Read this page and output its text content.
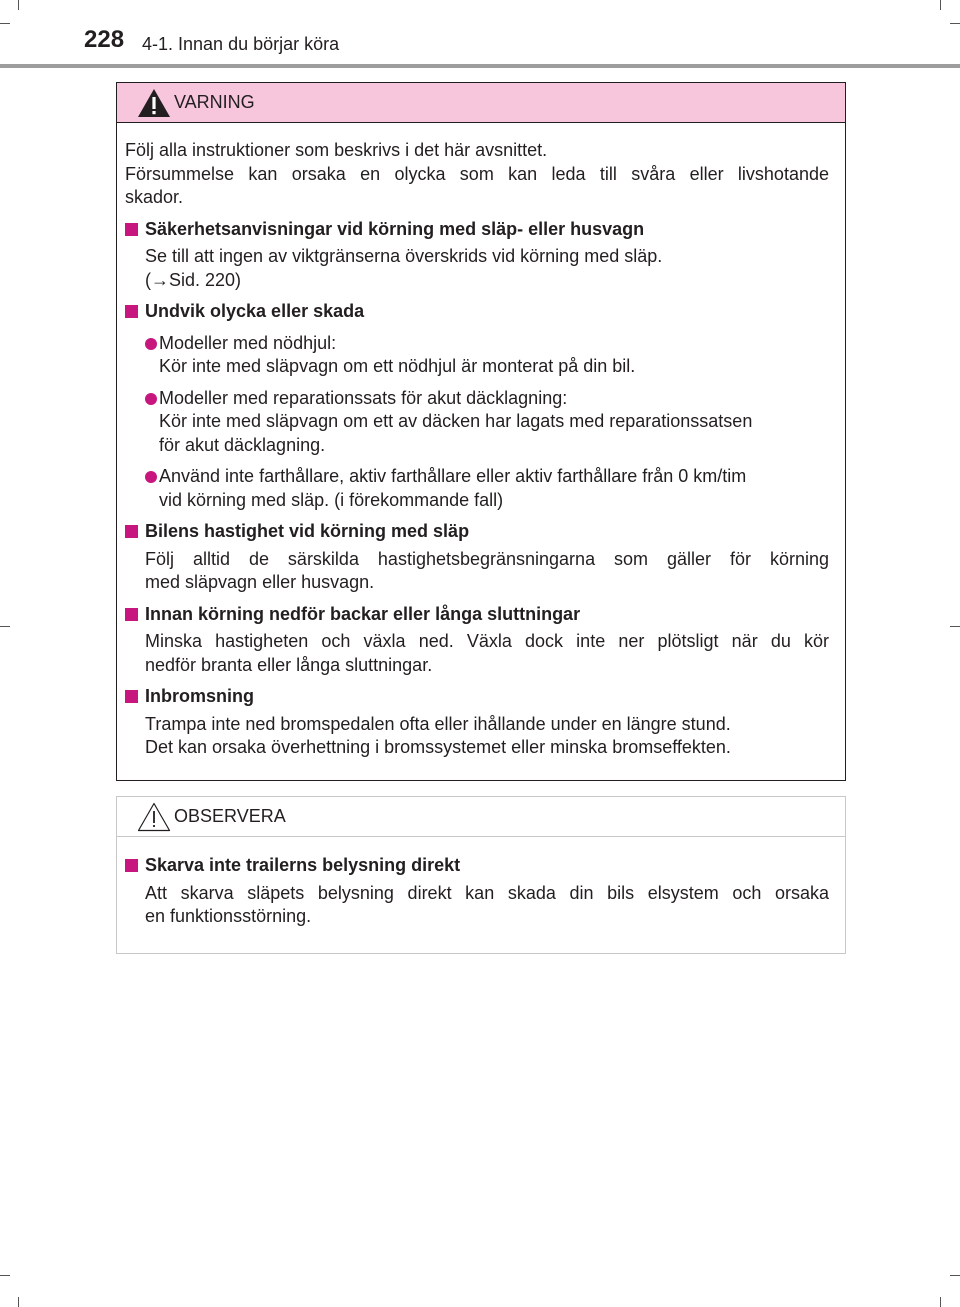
228 4-1. Innan du börjar köra
VARNING
Följ alla instruktioner som beskrivs i det här avsnittet.
Försummelse kan orsaka en olycka som kan leda till svåra eller livshotande
skador.
Säkerhetsanvisningar vid körning med släp- eller husvagn
Se till att ingen av viktgränserna överskrids vid körning med släp.
(→Sid. 220)
Undvik olycka eller skada
Modeller med nödhjul:
Kör inte med släpvagn om ett nödhjul är monterat på din bil.
Modeller med reparationssats för akut däcklagning:
Kör inte med släpvagn om ett av däcken har lagats med reparationssatsen
för akut däcklagning.
Använd inte farthållare, aktiv farthållare eller aktiv farthållare från 0 km/tim
vid körning med släp. (i förekommande fall)
Bilens hastighet vid körning med släp
Följ alltid de särskilda hastighetsbegränsningarna som gäller för körning
med släpvagn eller husvagn.
Innan körning nedför backar eller långa sluttningar
Minska hastigheten och växla ned. Växla dock inte ner plötsligt när du kör
nedför branta eller långa sluttningar.
Inbromsning
Trampa inte ned bromspedalen ofta eller ihållande under en längre stund.
Det kan orsaka överhettning i bromssystemet eller minska bromseffekten.
OBSERVERA
Skarva inte trailerns belysning direkt
Att skarva släpets belysning direkt kan skada din bils elsystem och orsaka
en funktionsstörning.
